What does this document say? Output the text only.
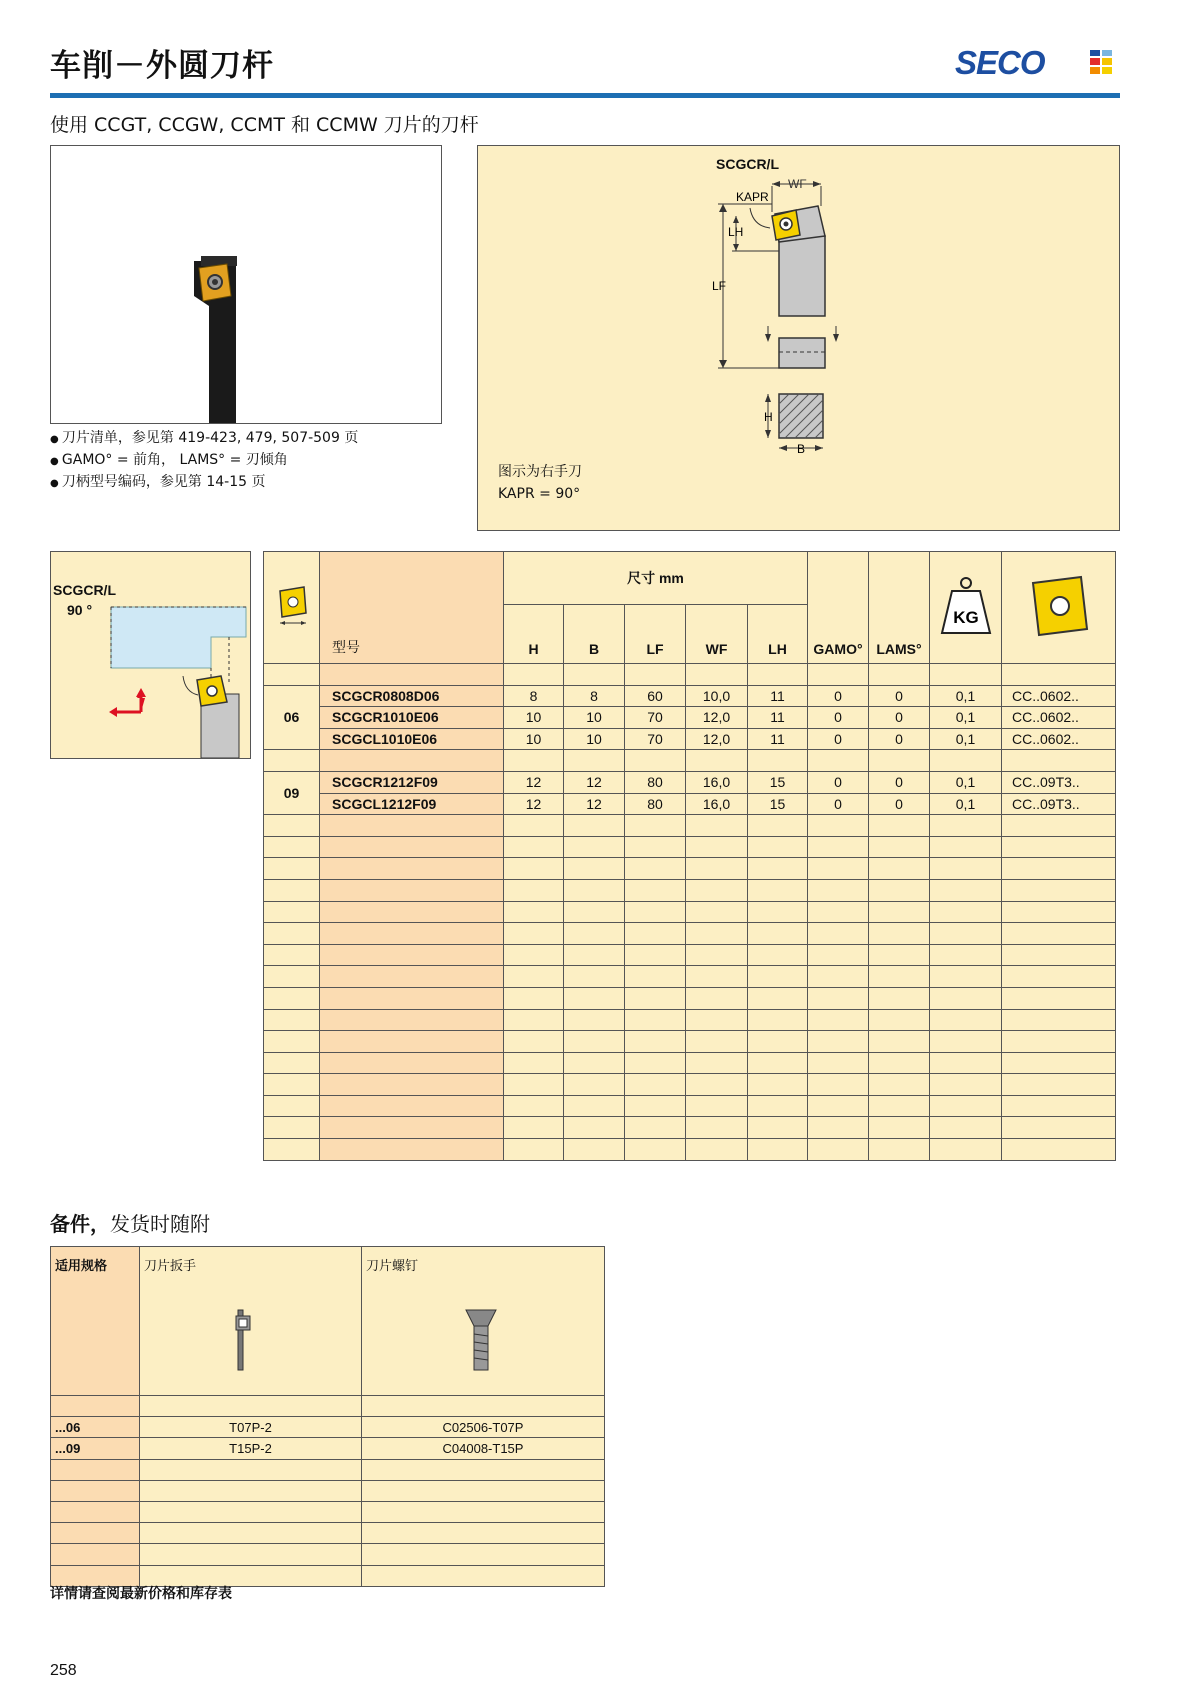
车削－外圆刀杆	SECO
使用 CCGT, CCGW, CCMT 和 CCMW 刀片的刀杆
● 刀片清单，参见第 419-423, 479, 507-509 页
● GAMO° = 前角， LAMS° = 刃倾角
● 刀柄型号编码，参见第 14-15 页
SCGCR/L
LF
LH
KAPR
WF
H
B
图示为右手刀
KAPR = 90°
SCGCR/L
90 °
	型号	尺寸 mm					GAMO°	LAMS°	KG

		H	B	LF	WF	LH				

06	SCGCR0808D06	8	8	60	10,0	11	0	0	0,1	CC..0602..
	SCGCR1010E06	10	10	70	12,0	11	0	0	0,1	CC..0602..
	SCGCL1010E06	10	10	70	12,0	11	0	0	0,1	CC..0602..

09	SCGCR1212F09	12	12	80	16,0	15	0	0	0,1	CC..09T3..
	SCGCL1212F09	12	12	80	16,0	15	0	0	0,1	CC..09T3..

备件，发货时随附
适用规格	刀片扳手	刀片螺钉

...06	T07P-2	C02506-T07P
...09	T15P-2	C04008-T15P

详情请查阅最新价格和库存表
258
